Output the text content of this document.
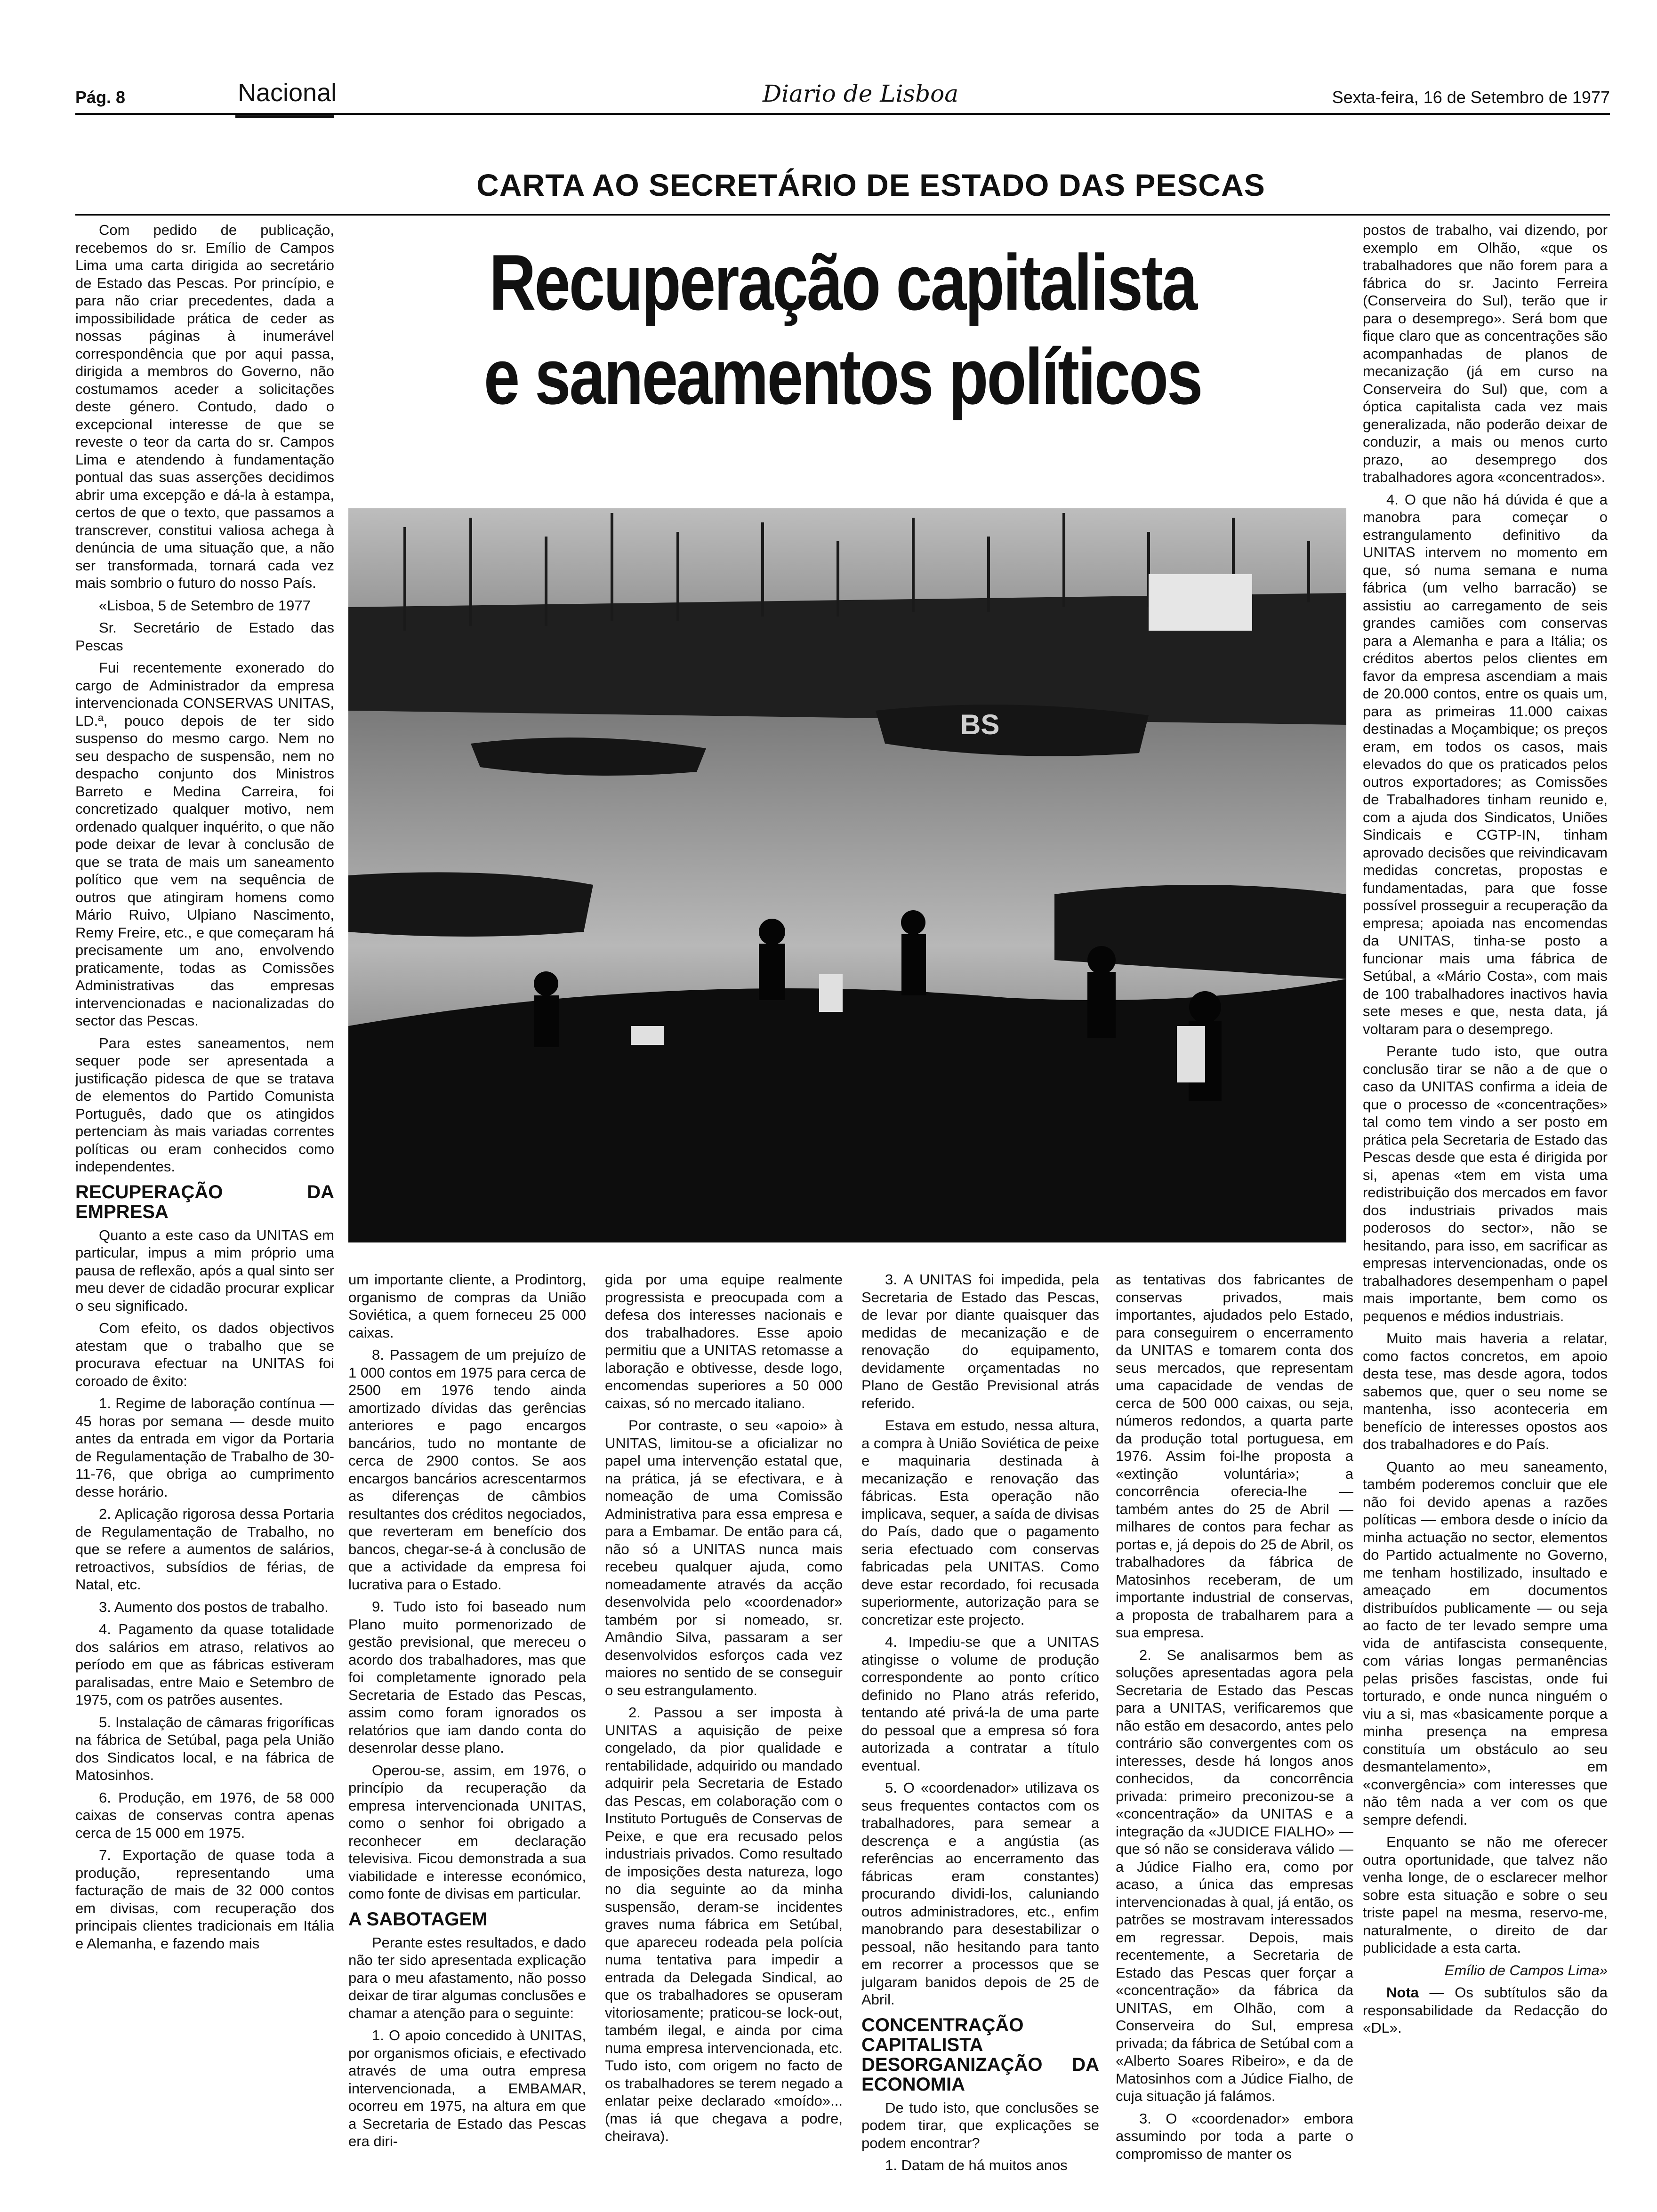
Pág. 8	Nacional	Diario de Lisboa	Sexta-feira, 16 de Setembro de 1977
CARTA AO SECRETÁRIO DE ESTADO DAS PESCAS
Recuperação capitalista
e saneamentos políticos
BS

Com pedido de publicação, recebemos do sr. Emílio de Campos Lima uma carta dirigida ao secretário de Estado das Pescas. Por princípio, e para não criar precedentes, dada a impossibilidade prática de ceder as nossas páginas à inumerável correspondência que por aqui passa, dirigida a membros do Governo, não costumamos aceder a solicitações deste género. Contudo, dado o excepcional interesse de que se reveste o teor da carta do sr. Campos Lima e atendendo à fundamentação pontual das suas asserções decidimos abrir uma excepção e dá-la à estampa, certos de que o texto, que passamos a transcrever, constitui valiosa achega à denúncia de uma situação que, a não ser transformada, tornará cada vez mais sombrio o futuro do nosso País.

«Lisboa, 5 de Setembro de 1977

Sr. Secretário de Estado das Pescas

Fui recentemente exonerado do cargo de Administrador da empresa intervencionada CONSERVAS UNITAS, LD.ª, pouco depois de ter sido suspenso do mesmo cargo. Nem no seu despacho de suspensão, nem no despacho conjunto dos Ministros Barreto e Medina Carreira, foi concretizado qualquer motivo, nem ordenado qualquer inquérito, o que não pode deixar de levar à conclusão de que se trata de mais um saneamento político que vem na sequência de outros que atingiram homens como Mário Ruivo, Ulpiano Nascimento, Remy Freire, etc., e que começaram há precisamente um ano, envolvendo praticamente, todas as Comissões Administrativas das empresas intervencionadas e nacionalizadas do sector das Pescas.

Para estes saneamentos, nem sequer pode ser apresentada a justificação pidesca de que se tratava de elementos do Partido Comunista Português, dado que os atingidos pertenciam às mais variadas correntes políticas ou eram conhecidos como independentes.

RECUPERAÇÃO DA EMPRESA

Quanto a este caso da UNITAS em particular, impus a mim próprio uma pausa de reflexão, após a qual sinto ser meu dever de cidadão procurar explicar o seu significado.

Com efeito, os dados objectivos atestam que o trabalho que se procurava efectuar na UNITAS foi coroado de êxito:

1. Regime de laboração contínua — 45 horas por semana — desde muito antes da entrada em vigor da Portaria de Regulamentação de Trabalho de 30-11-76, que obriga ao cumprimento desse horário.

2. Aplicação rigorosa dessa Portaria de Regulamentação de Trabalho, no que se refere a aumentos de salários, retroactivos, subsídios de férias, de Natal, etc.

3. Aumento dos postos de trabalho.

4. Pagamento da quase totalidade dos salários em atraso, relativos ao período em que as fábricas estiveram paralisadas, entre Maio e Setembro de 1975, com os patrões ausentes.

5. Instalação de câmaras frigoríficas na fábrica de Setúbal, paga pela União dos Sindicatos local, e na fábrica de Matosinhos.

6. Produção, em 1976, de 58 000 caixas de conservas contra apenas cerca de 15 000 em 1975.

7. Exportação de quase toda a produção, representando uma facturação de mais de 32 000 contos em divisas, com recuperação dos principais clientes tradicionais em Itália e Alemanha, e fazendo mais

um importante cliente, a Prodintorg, organismo de compras da União Soviética, a quem forneceu 25 000 caixas.

8. Passagem de um prejuízo de 1 000 contos em 1975 para cerca de 2500 em 1976 tendo ainda amortizado dívidas das gerências anteriores e pago encargos bancários, tudo no montante de cerca de 2900 contos. Se aos encargos bancários acrescentarmos as diferenças de câmbios resultantes dos créditos negociados, que reverteram em benefício dos bancos, chegar-se-á à conclusão de que a actividade da empresa foi lucrativa para o Estado.

9. Tudo isto foi baseado num Plano muito pormenorizado de gestão previsional, que mereceu o acordo dos trabalhadores, mas que foi completamente ignorado pela Secretaria de Estado das Pescas, assim como foram ignorados os relatórios que iam dando conta do desenrolar desse plano.

Operou-se, assim, em 1976, o princípio da recuperação da empresa intervencionada UNITAS, como o senhor foi obrigado a reconhecer em declaração televisiva. Ficou demonstrada a sua viabilidade e interesse económico, como fonte de divisas em particular.

A SABOTAGEM

Perante estes resultados, e dado não ter sido apresentada explicação para o meu afastamento, não posso deixar de tirar algumas conclusões e chamar a atenção para o seguinte:

1. O apoio concedido à UNITAS, por organismos oficiais, e efectivado através de uma outra empresa intervencionada, a EMBAMAR, ocorreu em 1975, na altura em que a Secretaria de Estado das Pescas era diri-

gida por uma equipe realmente progressista e preocupada com a defesa dos interesses nacionais e dos trabalhadores. Esse apoio permitiu que a UNITAS retomasse a laboração e obtivesse, desde logo, encomendas superiores a 50 000 caixas, só no mercado italiano.

Por contraste, o seu «apoio» à UNITAS, limitou-se a oficializar no papel uma intervenção estatal que, na prática, já se efectivara, e à nomeação de uma Comissão Administrativa para essa empresa e para a Embamar. De então para cá, não só a UNITAS nunca mais recebeu qualquer ajuda, como nomeadamente através da acção desenvolvida pelo «coordenador» também por si nomeado, sr. Amândio Silva, passaram a ser desenvolvidos esforços cada vez maiores no sentido de se conseguir o seu estrangulamento.

2. Passou a ser imposta à UNITAS a aquisição de peixe congelado, da pior qualidade e rentabilidade, adquirido ou mandado adquirir pela Secretaria de Estado das Pescas, em colaboração com o Instituto Português de Conservas de Peixe, e que era recusado pelos industriais privados. Como resultado de imposições desta natureza, logo no dia seguinte ao da minha suspensão, deram-se incidentes graves numa fábrica em Setúbal, que apareceu rodeada pela polícia numa tentativa para impedir a entrada da Delegada Sindical, ao que os trabalhadores se opuseram vitoriosamente; praticou-se lock-out, também ilegal, e ainda por cima numa empresa intervencionada, etc. Tudo isto, com origem no facto de os trabalhadores se terem negado a enlatar peixe declarado «moído»... (mas iá que chegava a podre, cheirava).

3. A UNITAS foi impedida, pela Secretaria de Estado das Pescas, de levar por diante quaisquer das medidas de mecanização e de renovação do equipamento, devidamente orçamentadas no Plano de Gestão Previsional atrás referido.

Estava em estudo, nessa altura, a compra à União Soviética de peixe e maquinaria destinada à mecanização e renovação das fábricas. Esta operação não implicava, sequer, a saída de divisas do País, dado que o pagamento seria efectuado com conservas fabricadas pela UNITAS. Como deve estar recordado, foi recusada superiormente, autorização para se concretizar este projecto.

4. Impediu-se que a UNITAS atingisse o volume de produção correspondente ao ponto crítico definido no Plano atrás referido, tentando até privá-la de uma parte do pessoal que a empresa só fora autorizada a contratar a título eventual.

5. O «coordenador» utilizava os seus frequentes contactos com os trabalhadores, para semear a descrença e a angústia (as referências ao encerramento das fábricas eram constantes) procurando dividi-los, caluniando outros administradores, etc., enfim manobrando para desestabilizar o pessoal, não hesitando para tanto em recorrer a processos que se julgaram banidos depois de 25 de Abril.

CONCENTRAÇÃO CAPITALISTA DESORGANIZAÇÃO DA ECONOMIA

De tudo isto, que conclusões se podem tirar, que explicações se podem encontrar?

1. Datam de há muitos anos

as tentativas dos fabricantes de conservas privados, mais importantes, ajudados pelo Estado, para conseguirem o encerramento da UNITAS e tomarem conta dos seus mercados, que representam uma capacidade de vendas de cerca de 500 000 caixas, ou seja, números redondos, a quarta parte da produção total portuguesa, em 1976. Assim foi-lhe proposta a «extinção voluntária»; a concorrência oferecia-lhe — também antes do 25 de Abril — milhares de contos para fechar as portas e, já depois do 25 de Abril, os trabalhadores da fábrica de Matosinhos receberam, de um importante industrial de conservas, a proposta de trabalharem para a sua empresa.

2. Se analisarmos bem as soluções apresentadas agora pela Secretaria de Estado das Pescas para a UNITAS, verificaremos que não estão em desacordo, antes pelo contrário são convergentes com os interesses, desde há longos anos conhecidos, da concorrência privada: primeiro preconizou-se a «concentração» da UNITAS e a integração da «JUDICE FIALHO» — que só não se considerava válido — a Júdice Fialho era, como por acaso, a única das empresas intervencionadas à qual, já então, os patrões se mostravam interessados em regressar. Depois, mais recentemente, a Secretaria de Estado das Pescas quer forçar a «concentração» da fábrica da UNITAS, em Olhão, com a Conserveira do Sul, empresa privada; da fábrica de Setúbal com a «Alberto Soares Ribeiro», e da de Matosinhos com a Júdice Fialho, de cuja situação já falámos.

3. O «coordenador» embora assumindo por toda a parte o compromisso de manter os

postos de trabalho, vai dizendo, por exemplo em Olhão, «que os trabalhadores que não forem para a fábrica do sr. Jacinto Ferreira (Conserveira do Sul), terão que ir para o desemprego». Será bom que fique claro que as concentrações são acompanhadas de planos de mecanização (já em curso na Conserveira do Sul) que, com a óptica capitalista cada vez mais generalizada, não poderão deixar de conduzir, a mais ou menos curto prazo, ao desemprego dos trabalhadores agora «concentrados».

4. O que não há dúvida é que a manobra para começar o estrangulamento definitivo da UNITAS intervem no momento em que, só numa semana e numa fábrica (um velho barracão) se assistiu ao carregamento de seis grandes camiões com conservas para a Alemanha e para a Itália; os créditos abertos pelos clientes em favor da empresa ascendiam a mais de 20.000 contos, entre os quais um, para as primeiras 11.000 caixas destinadas a Moçambique; os preços eram, em todos os casos, mais elevados do que os praticados pelos outros exportadores; as Comissões de Trabalhadores tinham reunido e, com a ajuda dos Sindicatos, Uniões Sindicais e CGTP-IN, tinham aprovado decisões que reivindicavam medidas concretas, propostas e fundamentadas, para que fosse possível prosseguir a recuperação da empresa; apoiada nas encomendas da UNITAS, tinha-se posto a funcionar mais uma fábrica de Setúbal, a «Mário Costa», com mais de 100 trabalhadores inactivos havia sete meses e que, nesta data, já voltaram para o desemprego.

Perante tudo isto, que outra conclusão tirar se não a de que o caso da UNITAS confirma a ideia de que o processo de «concentrações» tal como tem vindo a ser posto em prática pela Secretaria de Estado das Pescas desde que esta é dirigida por si, apenas «tem em vista uma redistribuição dos mercados em favor dos industriais privados mais poderosos do sector», não se hesitando, para isso, em sacrificar as empresas intervencionadas, onde os trabalhadores desempenham o papel mais importante, bem como os pequenos e médios industriais.

Muito mais haveria a relatar, como factos concretos, em apoio desta tese, mas desde agora, todos sabemos que, quer o seu nome se mantenha, isso aconteceria em benefício de interesses opostos aos dos trabalhadores e do País.

Quanto ao meu saneamento, também poderemos concluir que ele não foi devido apenas a razões políticas — embora desde o início da minha actuação no sector, elementos do Partido actualmente no Governo, me tenham hostilizado, insultado e ameaçado em documentos distribuídos publicamente — ou seja ao facto de ter levado sempre uma vida de antifascista consequente, com várias longas permanências pelas prisões fascistas, onde fui torturado, e onde nunca ninguém o viu a si, mas «basicamente porque a minha presença na empresa constituía um obstáculo ao seu desmantelamento», em «convergência» com interesses que não têm nada a ver com os que sempre defendi.

Enquanto se não me oferecer outra oportunidade, que talvez não venha longe, de o esclarecer melhor sobre esta situação e sobre o seu triste papel na mesma, reservo-me, naturalmente, o direito de dar publicidade a esta carta.

Emílio de Campos Lima»

Nota — Os subtítulos são da responsabilidade da Redacção do «DL».
